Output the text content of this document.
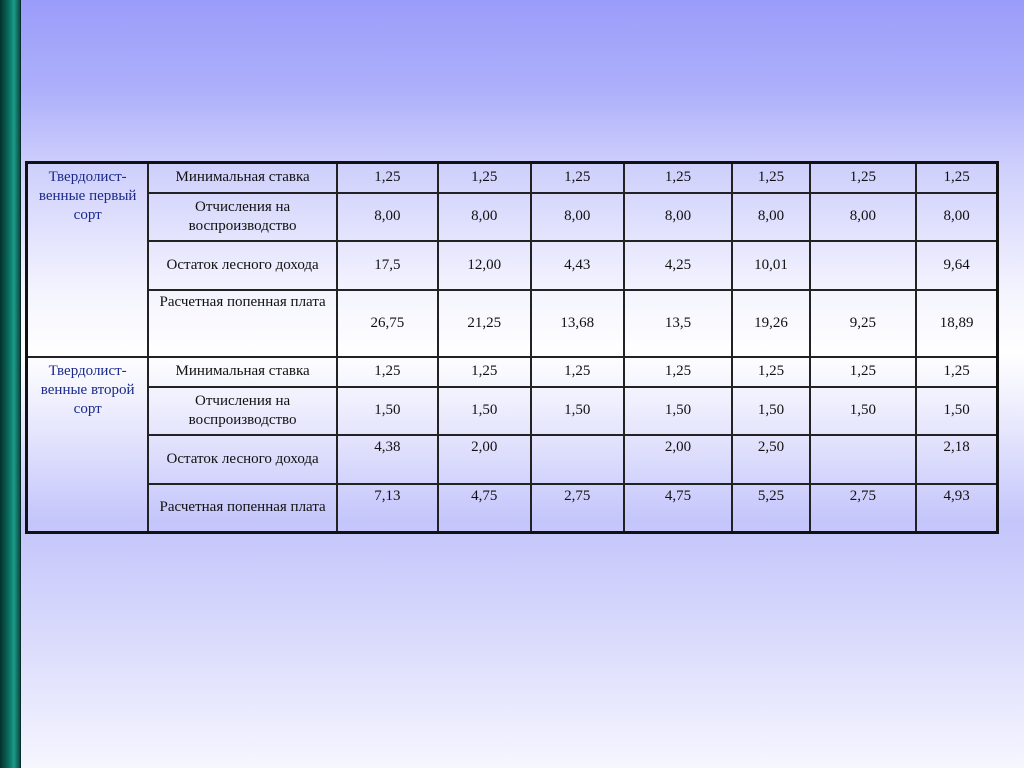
Твердолист-венные первый сорт	Минимальная ставка	1,25	1,25	1,25	1,25	1,25	1,25	1,25
	Отчисления на воспроизводство	8,00	8,00	8,00	8,00	8,00	8,00	8,00
	Остаток лесного дохода	17,5	12,00	4,43	4,25	10,01		9,64
	Расчетная попенная плата	26,75	21,25	13,68	13,5	19,26	9,25	18,89
Твердолист-венные второй сорт	Минимальная ставка	1,25	1,25	1,25	1,25	1,25	1,25	1,25
	Отчисления на воспроизводство	1,50	1,50	1,50	1,50	1,50	1,50	1,50
	Остаток лесного дохода	4,38	2,00		2,00	2,50		2,18
	Расчетная попенная плата	7,13	4,75	2,75	4,75	5,25	2,75	4,93
